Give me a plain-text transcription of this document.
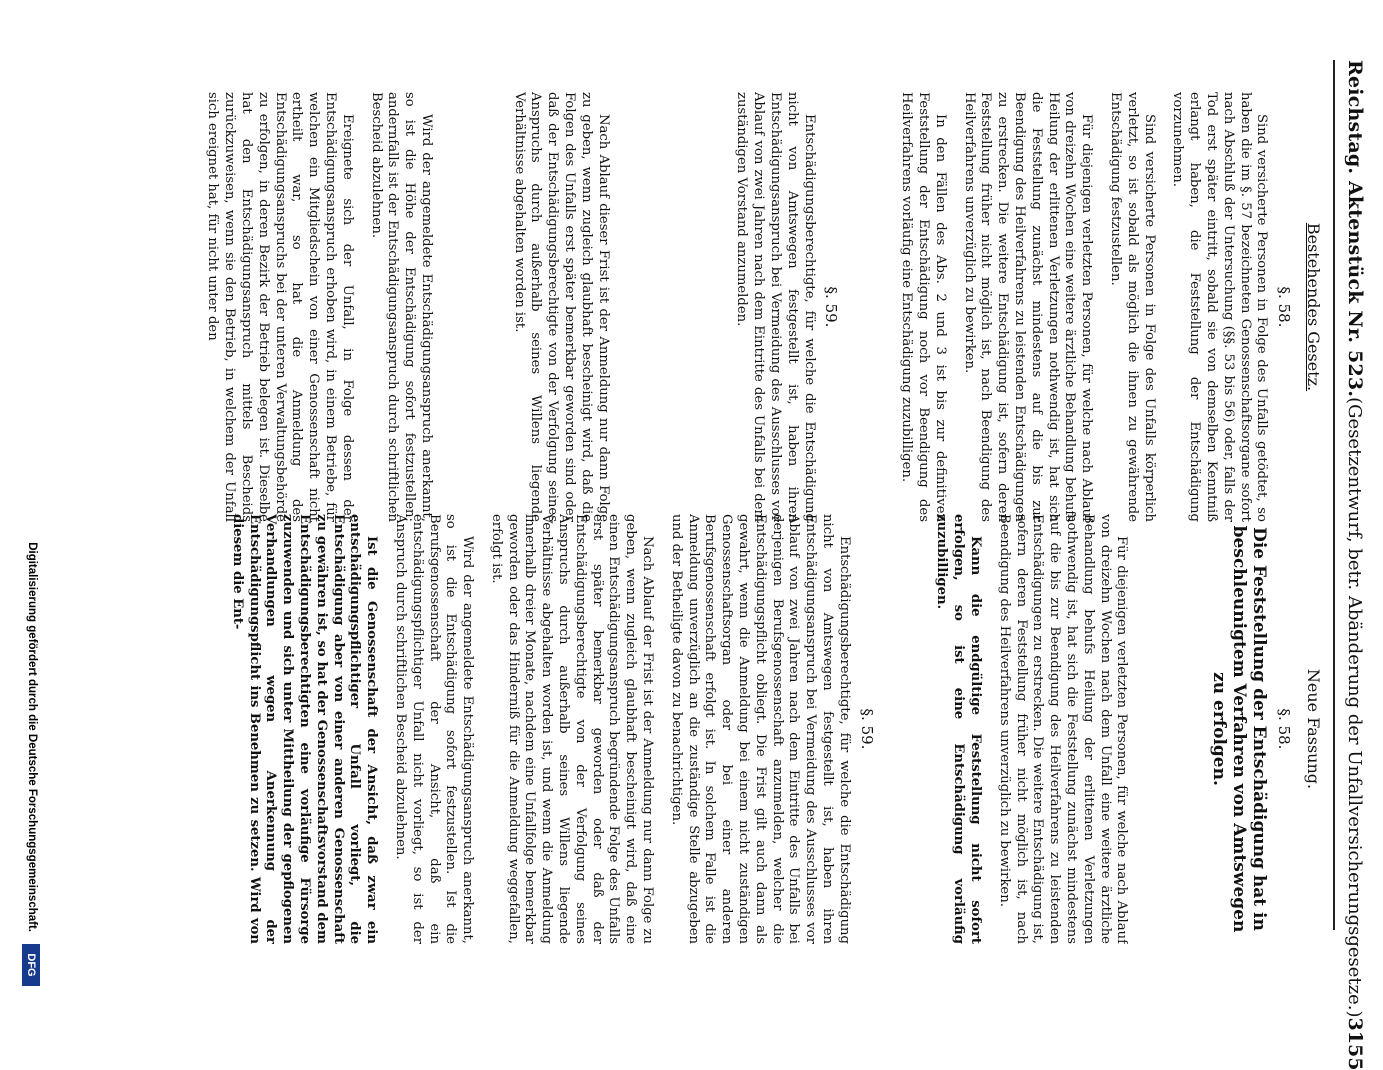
Reichstag. Aktenstück Nr. 523.
(Gesetzentwurf, betr. Abänderung der Unfallversicherungsgesetze.)
3155
Bestehendes Gesetz.
§. 58.

Sind versicherte Personen in Folge des Unfalls getödtet, so haben die im §. 57 bezeichneten Genossenschaftsorgane sofort nach Abschluß der Untersuchung (§§. 53 bis 56) oder, falls der Tod erst später eintritt, sobald sie von demselben Kenntniß erlangt haben, die Feststellung der Entschädigung vorzunehmen.

Sind versicherte Personen in Folge des Unfalls körperlich verletzt, so ist sobald als möglich die ihnen zu gewährende Entschädigung festzustellen.

Für diejenigen verletzten Personen, für welche nach Ablauf von dreizehn Wochen eine weitere ärztliche Behandlung behufs Heilung der erlittenen Verletzungen nothwendig ist, hat sich die Feststellung zunächst mindestens auf die bis zur Beendigung des Heilverfahrens zu leistenden Entschädigungen zu erstrecken. Die weitere Entschädigung ist, sofern deren Feststellung früher nicht möglich ist, nach Beendigung des Heilverfahrens unverzüglich zu bewirken.

In den Fällen des Abs. 2 und 3 ist bis zur definitiven Feststellung der Entschädigung noch vor Beendigung des Heilverfahrens vorläufig eine Entschädigung zuzubilligen.

§. 59.

Entschädigungsberechtigte, für welche die Entschädigung nicht von Amtswegen festgestellt ist, haben ihren Entschädigungsanspruch bei Vermeidung des Ausschlusses vor Ablauf von zwei Jahren nach dem Eintritte des Unfalls bei dem zuständigen Vorstand anzumelden.

Nach Ablauf dieser Frist ist der Anmeldung nur dann Folge zu geben, wenn zugleich glaubhaft bescheinigt wird, daß die Folgen des Unfalls erst später bemerkbar geworden sind oder daß der Entschädigungsberechtigte von der Verfolgung seines Anspruchs durch außerhalb seines Willens liegende Verhältnisse abgehalten worden ist.

Wird der angemeldete Entschädigungsanspruch anerkannt, so ist die Höhe der Entschädigung sofort festzustellen; andernfalls ist der Entschädigungsanspruch durch schriftlichen Bescheid abzulehnen.

Ereignete sich der Unfall, in Folge dessen der Entschädigungsanspruch erhoben wird, in einem Betriebe, für welchen ein Mitgliedschein von einer Genossenschaft nicht ertheilt war, so hat die Anmeldung des Entschädigungsanspruchs bei der unteren Verwaltungsbehörde zu erfolgen, in deren Bezirk der Betrieb belegen ist. Dieselbe hat den Entschädigungsanspruch mittels Bescheids zurückzuweisen, wenn sie den Betrieb, in welchem der Unfall sich ereignet hat, für nicht unter den

Neue Fassung.
§. 58.
Die Feststellung der Entschädigung hat in beschleunigtem Verfahren von Amtswegen zu erfolgen.

Für diejenigen verletzten Personen, für welche nach Ablauf von dreizehn Wochen nach dem Unfall eine weitere ärztliche Behandlung behufs Heilung der erlittenen Verletzungen nothwendig ist, hat sich die Feststellung zunächst mindestens auf die bis zur Beendigung des Heilverfahrens zu leistenden Entschädigungen zu erstrecken. Die weitere Entschädigung ist, sofern deren Feststellung früher nicht möglich ist, nach Beendigung des Heilverfahrens unverzüglich zu bewirken.

Kann die endgültige Feststellung nicht sofort erfolgen, so ist eine Entschädigung vorläufig zuzubilligen.

§. 59.

Entschädigungsberechtigte, für welche die Entschädigung nicht von Amtswegen festgestellt ist, haben ihren Entschädigungsanspruch bei Vermeidung des Ausschlusses vor Ablauf von zwei Jahren nach dem Eintritte des Unfalls bei derjenigen Berufsgenossenschaft anzumelden, welcher die Entschädigungspflicht obliegt. Die Frist gilt auch dann als gewahrt, wenn die Anmeldung bei einem nicht zuständigen Genossenschaftsorgan oder bei einer anderen Berufsgenossenschaft erfolgt ist. In solchem Falle ist die Anmeldung unverzüglich an die zuständige Stelle abzugeben und der Betheiligte davon zu benachrichtigen.

Nach Ablauf der Frist ist der Anmeldung nur dann Folge zu geben, wenn zugleich glaubhaft bescheinigt wird, daß eine einen Entschädigungsanspruch begründende Folge des Unfalls erst später bemerkbar geworden oder daß der Entschädigungsberechtigte von der Verfolgung seines Anspruchs durch außerhalb seines Willens liegende Verhältnisse abgehalten worden ist, und wenn die Anmeldung innerhalb dreier Monate, nachdem eine Unfallfolge bemerkbar geworden oder das Hinderniß für die Anmeldung weggefallen, erfolgt ist.

Wird der angemeldete Entschädigungsanspruch anerkannt, so ist die Entschädigung sofort festzustellen. Ist die Berufsgenossenschaft der Ansicht, daß ein entschädigungspflichtiger Unfall nicht vorliegt, so ist der Anspruch durch schriftlichen Bescheid abzulehnen.

Ist die Genossenschaft der Ansicht, daß zwar ein entschädigungspflichtiger Unfall vorliegt, die Entschädigung aber von einer anderen Genossenschaft zu gewähren ist, so hat der Genossenschaftsvorstand dem Entschädigungsberechtigten eine vorläufige Fürsorge zuzuwenden und sich unter Mittheilung der gepflogenen Verhandlungen wegen Anerkennung der Entschädigungspflicht ins Benehmen zu setzen. Wird von diesem die Ent-

Digitalisierung gefördert durch die Deutsche Forschungsgemeinschaft.
DFG
